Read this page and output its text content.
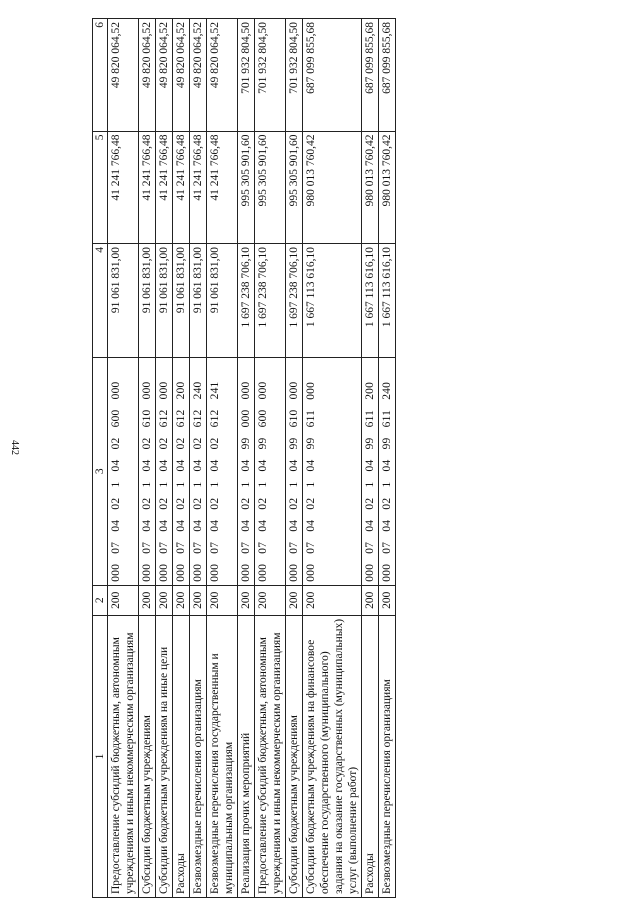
442
1	2	3	4	5	6
Предоставление субсидий бюджетным, автономным учреждениям и иным некоммерческим организациям	200	000  07  04  02  1  04  02  600  000	91 061 831,00	41 241 766,48	49 820 064,52
Субсидии бюджетным учреждениям	200	000  07  04  02  1  04  02  610  000	91 061 831,00	41 241 766,48	49 820 064,52
Субсидии бюджетным учреждениям на иные цели	200	000  07  04  02  1  04  02  612  000	91 061 831,00	41 241 766,48	49 820 064,52
Расходы	200	000  07  04  02  1  04  02  612  200	91 061 831,00	41 241 766,48	49 820 064,52
Безвозмездные перечисления организациям	200	000  07  04  02  1  04  02  612  240	91 061 831,00	41 241 766,48	49 820 064,52
Безвозмездные перечисления государственным и муниципальным организациям	200	000  07  04  02  1  04  02  612  241	91 061 831,00	41 241 766,48	49 820 064,52
Реализация прочих мероприятий	200	000  07  04  02  1  04  99  000  000	1 697 238 706,10	995 305 901,60	701 932 804,50
Предоставление субсидий бюджетным, автономным учреждениям и иным некоммерческим организациям	200	000  07  04  02  1  04  99  600  000	1 697 238 706,10	995 305 901,60	701 932 804,50
Субсидии бюджетным учреждениям	200	000  07  04  02  1  04  99  610  000	1 697 238 706,10	995 305 901,60	701 932 804,50
Субсидии бюджетным учреждениям на финансовое обеспечение государственного (муниципального) задания на оказание государственных (муниципальных) услуг (выполнение работ)	200	000  07  04  02  1  04  99  611  000	1 667 113 616,10	980 013 760,42	687 099 855,68
Расходы	200	000  07  04  02  1  04  99  611  200	1 667 113 616,10	980 013 760,42	687 099 855,68
Безвозмездные перечисления организациям	200	000  07  04  02  1  04  99  611  240	1 667 113 616,10	980 013 760,42	687 099 855,68
